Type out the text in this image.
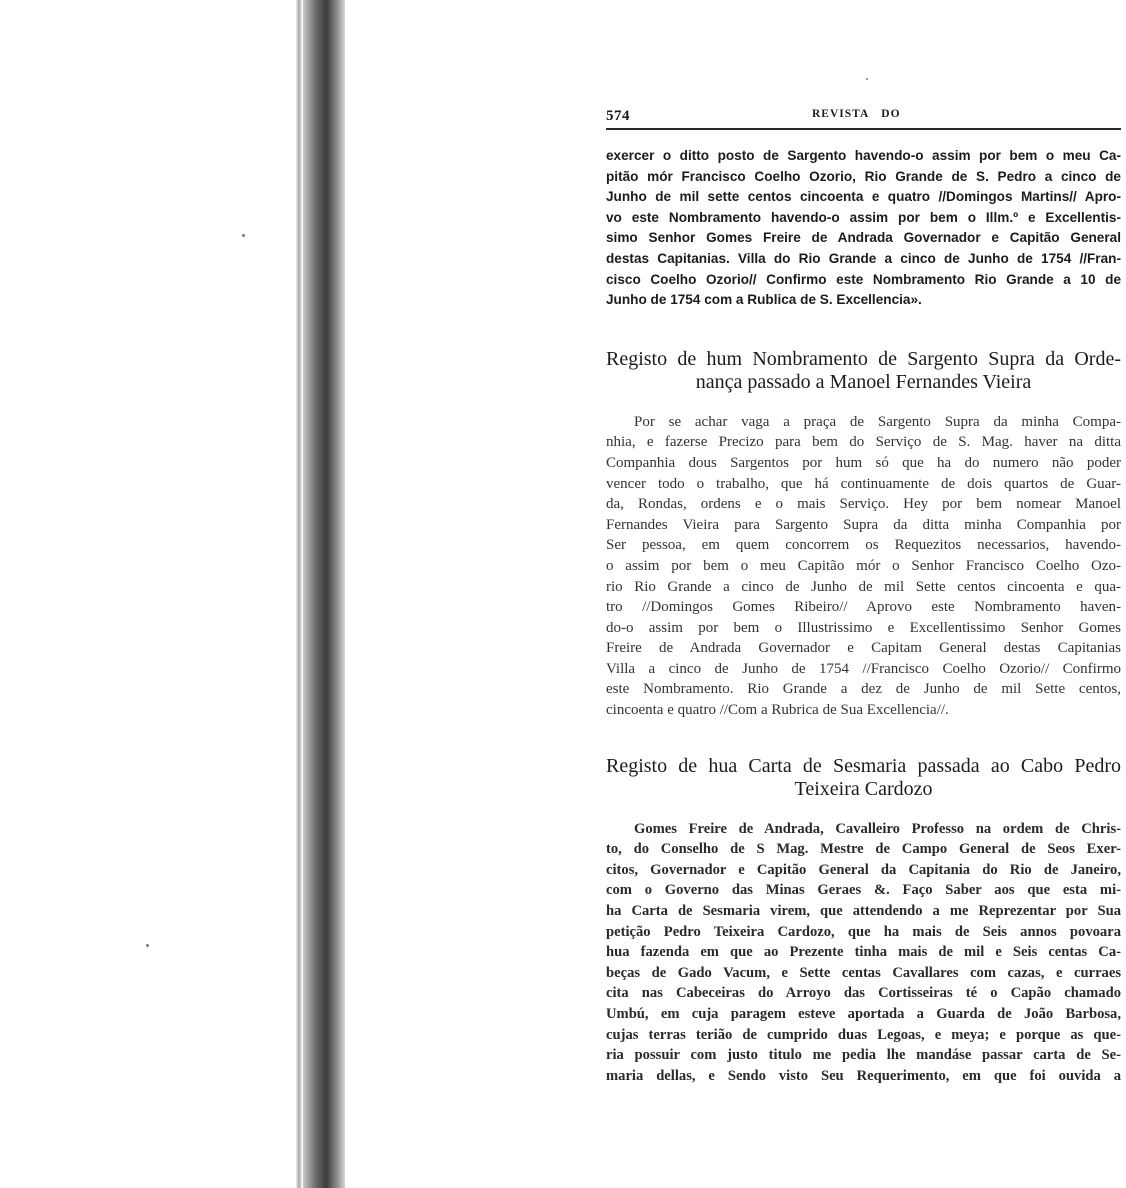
574	REVISTA DO

exercer o ditto posto de Sargento havendo-o assim por bem o meu Ca-
pitão mór Francisco Coelho Ozorio, Rio Grande de S. Pedro a cinco de
Junho de mil sette centos cincoenta e quatro //Domingos Martins// Apro-
vo este Nombramento havendo-o assim por bem o Illm.º e Excellentis-
simo Senhor Gomes Freire de Andrada Governador e Capitão General
destas Capitanias. Villa do Rio Grande a cinco de Junho de 1754 //Fran-
cisco Coelho Ozorio// Confirmo este Nombramento Rio Grande a 10 de
Junho de 1754 com a Rublica de S. Excellencia».

Registo de hum Nombramento de Sargento Supra da Orde-
nança passado a Manoel Fernandes Vieira

Por se achar vaga a praça de Sargento Supra da minha Compa-
nhia, e fazerse Precizo para bem do Serviço de S. Mag. haver na ditta
Companhia dous Sargentos por hum só que ha do numero não poder
vencer todo o trabalho, que há continuamente de dois quartos de Guar-
da, Rondas, ordens e o mais Serviço. Hey por bem nomear Manoel
Fernandes Vieira para Sargento Supra da ditta minha Companhia por
Ser pessoa, em quem concorrem os Requezitos necessarios, havendo-
o assim por bem o meu Capitão mór o Senhor Francisco Coelho Ozo-
rio Rio Grande a cinco de Junho de mil Sette centos cincoenta e qua-
tro //Domingos Gomes Ribeiro// Aprovo este Nombramento haven-
do-o assim por bem o Illustrissimo e Excellentissimo Senhor Gomes
Freire de Andrada Governador e Capitam General destas Capitanias
Villa a cinco de Junho de 1754 //Francisco Coelho Ozorio// Confirmo
este Nombramento. Rio Grande a dez de Junho de mil Sette centos,
cincoenta e quatro //Com a Rubrica de Sua Excellencia//.

Registo de hua Carta de Sesmaria passada ao Cabo Pedro
Teixeira Cardozo

Gomes Freire de Andrada, Cavalleiro Professo na ordem de Chris-
to, do Conselho de S Mag. Mestre de Campo General de Seos Exer-
citos, Governador e Capitão General da Capitania do Rio de Janeiro,
com o Governo das Minas Geraes &. Faço Saber aos que esta mi-
ha Carta de Sesmaria virem, que attendendo a me Reprezentar por Sua
petição Pedro Teixeira Cardozo, que ha mais de Seis annos povoara
hua fazenda em que ao Prezente tinha mais de mil e Seis centas Ca-
beças de Gado Vacum, e Sette centas Cavallares com cazas, e curraes
cita nas Cabeceiras do Arroyo das Cortisseiras té o Capão chamado
Umbú, em cuja paragem esteve aportada a Guarda de João Barbosa,
cujas terras terião de cumprido duas Legoas, e meya; e porque as que-
ria possuir com justo titulo me pedia lhe mandáse passar carta de Se-
maria dellas, e Sendo visto Seu Requerimento, em que foi ouvida a
